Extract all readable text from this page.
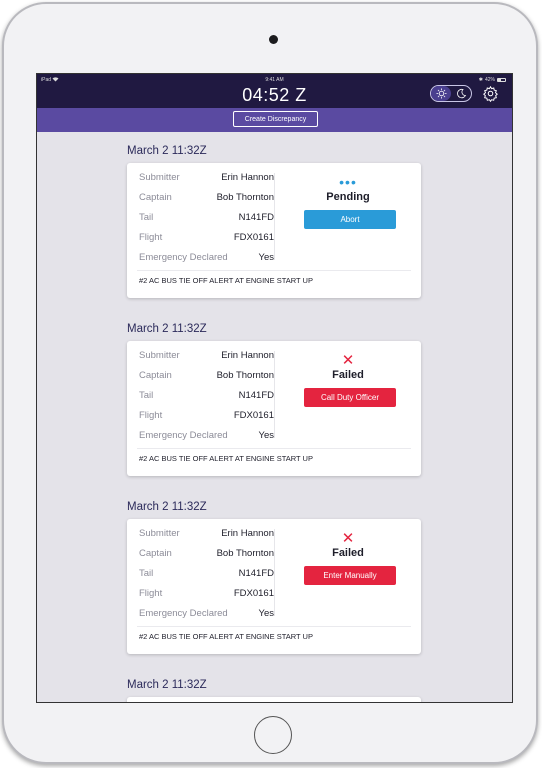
iPad	9:41 AM	✱ 42%
04:52 Z
Create Discrepancy
March 2 11:32Z
Submitter	Erin Hannon
Captain	Bob Thornton
Tail	N141FD
Flight	FDX0161
Emergency Declared	Yes
•••
Pending
Abort
#2 AC BUS TIE OFF ALERT AT ENGINE START UP
March 2 11:32Z
Submitter	Erin Hannon
Captain	Bob Thornton
Tail	N141FD
Flight	FDX0161
Emergency Declared	Yes
✕
Failed
Call Duty Officer
#2 AC BUS TIE OFF ALERT AT ENGINE START UP
March 2 11:32Z
Submitter	Erin Hannon
Captain	Bob Thornton
Tail	N141FD
Flight	FDX0161
Emergency Declared	Yes
✕
Failed
Enter Manually
#2 AC BUS TIE OFF ALERT AT ENGINE START UP
March 2 11:32Z
